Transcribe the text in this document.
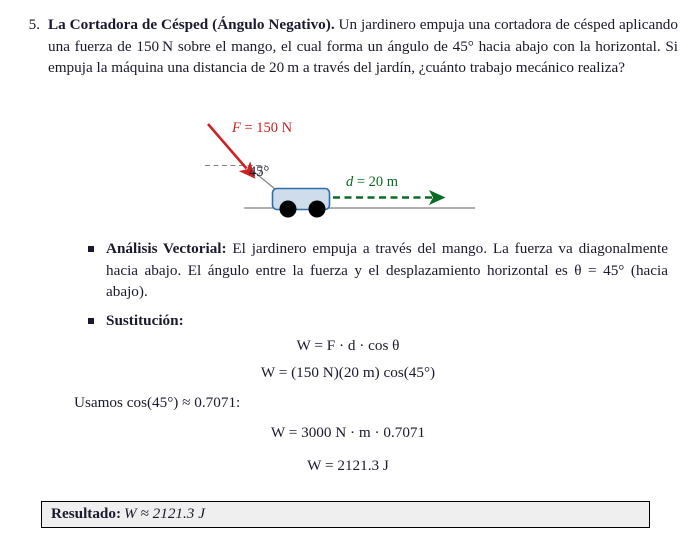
5. La Cortadora de Césped (Ángulo Negativo). Un jardinero empuja una cortadora de césped aplicando una fuerza de 150 N sobre el mango, el cual forma un ángulo de 45° hacia abajo con la horizontal. Si empuja la máquina una distancia de 20 m a través del jardín, ¿cuánto trabajo mecánico realiza?
F = 150 N
d = 20 m
45°
Análisis Vectorial: El jardinero empuja a través del mango. La fuerza va diagonalmente hacia abajo. El ángulo entre la fuerza y el desplazamiento horizontal es θ = 45° (hacia abajo).
Sustitución:
W = F · d · cos θ
W = (150 N)(20 m) cos(45°)
Usamos cos(45°) ≈ 0.7071:
W = 3000 N · m · 0.7071
W = 2121.3 J
Resultado: W ≈ 2121.3 J
